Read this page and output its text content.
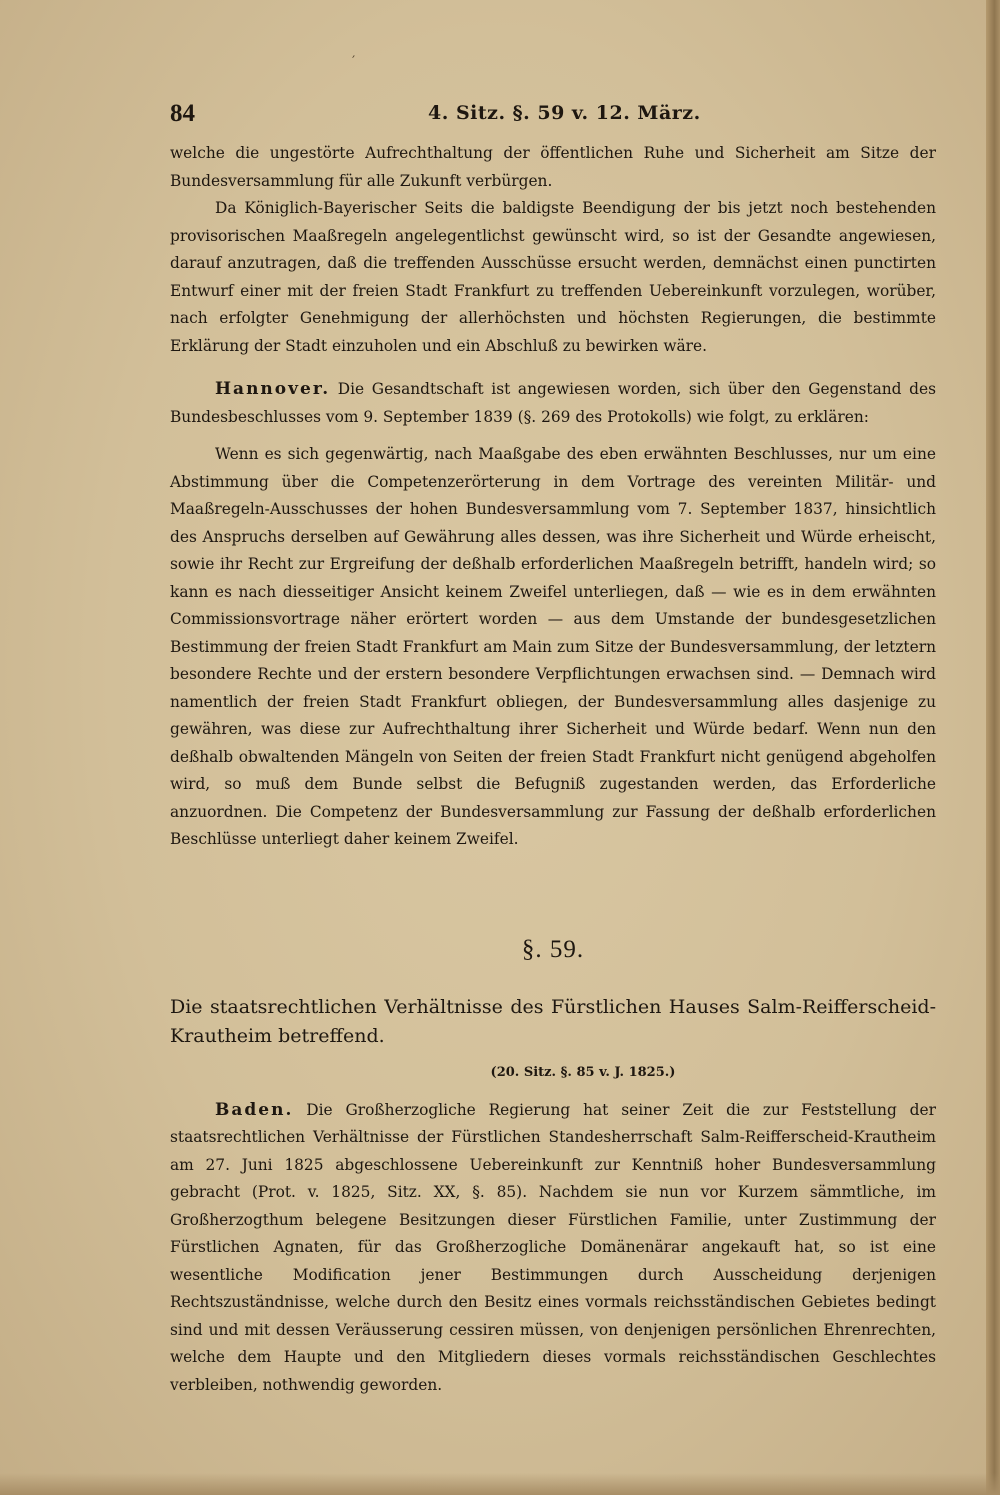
′
84	4. Sitz. §. 59 v. 12. März.

welche die ungestörte Aufrechthaltung der öffentlichen Ruhe und Sicherheit am Sitze der Bundesversammlung für alle Zukunft verbürgen.

Da Königlich-Bayerischer Seits die baldigste Beendigung der bis jetzt noch bestehenden provisorischen Maaßregeln angelegentlichst gewünscht wird, so ist der Gesandte angewiesen, darauf anzutragen, daß die treffenden Ausschüsse ersucht werden, demnächst einen punctirten Entwurf einer mit der freien Stadt Frankfurt zu treffenden Uebereinkunft vorzulegen, worüber, nach erfolgter Genehmigung der allerhöchsten und höchsten Regierungen, die bestimmte Erklärung der Stadt einzuholen und ein Abschluß zu bewirken wäre.

Hannover. Die Gesandtschaft ist angewiesen worden, sich über den Gegenstand des Bundesbeschlusses vom 9. September 1839 (§. 269 des Protokolls) wie folgt, zu erklären:

Wenn es sich gegenwärtig, nach Maaßgabe des eben erwähnten Beschlusses, nur um eine Abstimmung über die Competenzerörterung in dem Vortrage des vereinten Militär- und Maaßregeln-Ausschusses der hohen Bundesversammlung vom 7. September 1837, hinsichtlich des Anspruchs derselben auf Gewährung alles dessen, was ihre Sicherheit und Würde erheischt, sowie ihr Recht zur Ergreifung der deßhalb erforderlichen Maaßregeln betrifft, handeln wird; so kann es nach diesseitiger Ansicht keinem Zweifel unterliegen, daß — wie es in dem erwähnten Commissionsvortrage näher erörtert worden — aus dem Umstande der bundesgesetzlichen Bestimmung der freien Stadt Frankfurt am Main zum Sitze der Bundesversammlung, der letztern besondere Rechte und der erstern besondere Verpflichtungen erwachsen sind. — Demnach wird namentlich der freien Stadt Frankfurt obliegen, der Bundesversammlung alles dasjenige zu gewähren, was diese zur Aufrechthaltung ihrer Sicherheit und Würde bedarf. Wenn nun den deßhalb obwaltenden Mängeln von Seiten der freien Stadt Frankfurt nicht genügend abgeholfen wird, so muß dem Bunde selbst die Befugniß zugestanden werden, das Erforderliche anzuordnen. Die Competenz der Bundesversammlung zur Fassung der deßhalb erforderlichen Beschlüsse unterliegt daher keinem Zweifel.

§. 59.

Die staatsrechtlichen Verhältnisse des Fürstlichen Hauses Salm-Reifferscheid-Krautheim betreffend.

(20. Sitz. §. 85 v. J. 1825.)

Baden. Die Großherzogliche Regierung hat seiner Zeit die zur Feststellung der staatsrechtlichen Verhältnisse der Fürstlichen Standesherrschaft Salm-Reifferscheid-Krautheim am 27. Juni 1825 abgeschlossene Uebereinkunft zur Kenntniß hoher Bundesversammlung gebracht (Prot. v. 1825, Sitz. XX, §. 85). Nachdem sie nun vor Kurzem sämmtliche, im Großherzogthum belegene Besitzungen dieser Fürstlichen Familie, unter Zustimmung der Fürstlichen Agnaten, für das Großherzogliche Domänenärar angekauft hat, so ist eine wesentliche Modification jener Bestimmungen durch Ausscheidung derjenigen Rechtszuständnisse, welche durch den Besitz eines vormals reichsständischen Gebietes bedingt sind und mit dessen Veräusserung cessiren müssen, von denjenigen persönlichen Ehrenrechten, welche dem Haupte und den Mitgliedern dieses vormals reichsständischen Geschlechtes verbleiben, nothwendig geworden.
